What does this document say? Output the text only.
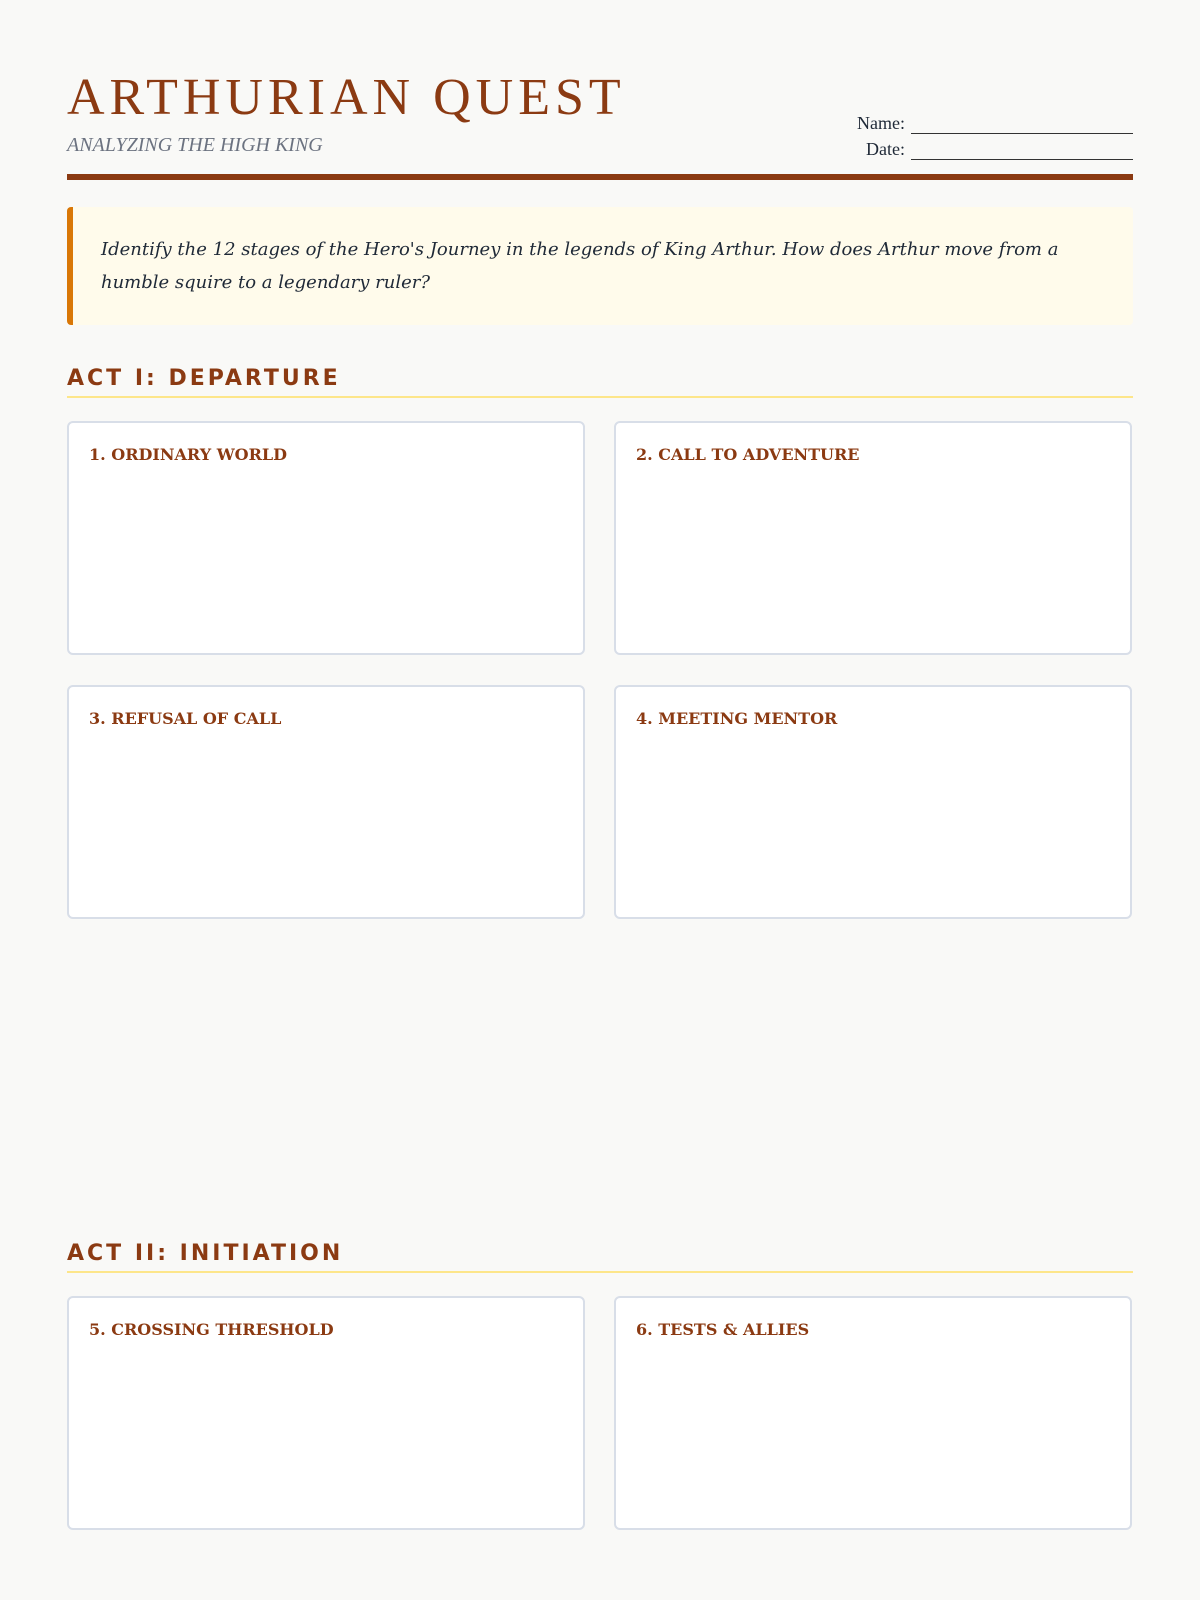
ARTHURIAN QUEST
ANALYZING THE HIGH KING
Name:
Date:

Identify the 12 stages of the Hero's Journey in the legends of King Arthur. How does Arthur move from a humble squire to a legendary ruler?

ACT I: DEPARTURE
1. ORDINARY WORLD	2. CALL TO ADVENTURE
3. REFUSAL OF CALL	4. MEETING MENTOR
ACT II: INITIATION
5. CROSSING THRESHOLD	6. TESTS & ALLIES
